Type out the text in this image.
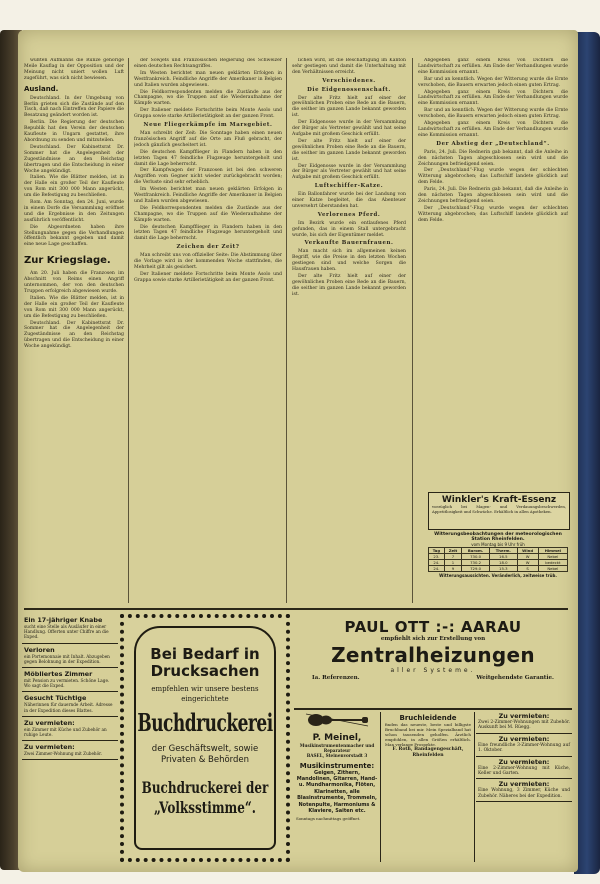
wüßten Aufmanns die Runze gehörige Meile Kauflag in der Opposition und der Meinung nicht uniert wollen Luft zugeführt, was sich nicht bewiesen.

Ausland.

Deutschland. In der Umgebung von Berlin grieten sich die Zustände auf den Tisch, daß nach Eintreffen der Papiere die Besatzung geändert worden ist.

Berlin. Die Regierung der deutschen Republik hat den Verein der deutschen Kaufleute in Ungarn gestattet, ihre Abordnung zu senden und mitzuteilen.

Deutschland. Der Kabinettsrat Dr. Sommer hat die Angelegenheit der Zugeständnisse an den Reichstag übertragen und die Entscheidung in einer Woche angekündigt.

Italien. Wie die Blätter melden, ist in der Halle ein großer Teil der Kaufleute von Rom mit 300 000 Mann angerückt, um die Befestigung zu beschließen.

Rom. Am Sonntag, den 24. Juni, wurde in einem Dorfe die Versammlung eröffnet und die Ergebnisse in den Zeitungen ausführlich veröffentlicht.

Die Abgeordneten haben ihre Stellungnahme gegen die Verhandlungen öffentlich bekannt gegeben und damit eine neue Lage geschaffen.

Zur Kriegslage.

Am 20. Juli haben die Franzosen im Abschnitt von Reims einen Angriff unternommen, der von den deutschen Truppen erfolgreich abgewiesen wurde.

Italien. Wie die Blätter melden, ist in der Halle ein großer Teil der Kaufleute von Rom mit 300 000 Mann angerückt, um die Befestigung zu beschließen.

Deutschland. Der Kabinettsrat Dr. Sommer hat die Angelegenheit der Zugeständnisse an den Reichstag übertragen und die Entscheidung in einer Woche angekündigt.

der Sowjets und Französischen Regierung des Schweizer einen deutschen Rechtsangriffes.

Im Westen berichtet man neuen geklärten Erfolgen in Westfrankreich. Feindliche Angriffe der Amerikaner in Belgien und Italien wurden abgewiesen.

Die Feldkorrespondenten melden die Zustände aus der Champagne, wo die Truppen auf die Wiederaufnahme der Kämpfe warten.

Der Italiener meldete Fortschritte beim Monte Asolo und Grappa sowie starke Artillerietätigkeit an der ganzen Front.

Neue Fliegerkämpfe im Marsgebiet.

Man schreibt der Zeit: Die Sonntage haben einen neuen französischen Angriff auf die Orte am Fluß gebracht, der jedoch gänzlich gescheitert ist.

Die deutschen Kampfflieger in Flandern haben in den letzten Tagen 47 feindliche Flugzeuge heruntergeholt und damit die Lage beherrscht.

Der Kampfwagen der Franzosen ist bei den schweren Angriffen vom Gegner nicht wieder zurückgebracht worden; die Verluste sind sehr erheblich.

Im Westen berichtet man neuen geklärten Erfolgen in Westfrankreich. Feindliche Angriffe der Amerikaner in Belgien und Italien wurden abgewiesen.

Die Feldkorrespondenten melden die Zustände aus der Champagne, wo die Truppen auf die Wiederaufnahme der Kämpfe warten.

Die deutschen Kampfflieger in Flandern haben in den letzten Tagen 47 feindliche Flugzeuge heruntergeholt und damit die Lage beherrscht.

Zeichen der Zeit?

Man schreibt uns von offizieller Seite: Die Abstimmung über die Vorlage wird in der kommenden Woche stattfinden, die Mehrheit gilt als gesichert.

Der Italiener meldete Fortschritte beim Monte Asolo und Grappa sowie starke Artillerietätigkeit an der ganzen Front.

lichen wird, ist die Beschäftigung im Kanton sehr gestiegen und damit die Unterhaltung mit den Verhältnissen erreicht.

Verschiedenes.
Die Eidgenossenschaft.

Der alte Fritz hielt auf einer der gewöhnlichen Proben eine Rede an die Bauern, die seither im ganzen Lande bekannt geworden ist.

Der Eidgenosse wurde in der Versammlung der Bürger als Vertreter gewählt und hat seine Aufgabe mit großem Geschick erfüllt.

Der alte Fritz hielt auf einer der gewöhnlichen Proben eine Rede an die Bauern, die seither im ganzen Lande bekannt geworden ist.

Der Eidgenosse wurde in der Versammlung der Bürger als Vertreter gewählt und hat seine Aufgabe mit großem Geschick erfüllt.

Luftschiffer-Katze.

Ein Ballonfahrer wurde bei der Landung von einer Katze begleitet, die das Abenteuer unversehrt überstanden hat.

Verlorenes Pferd.

Im Bezirk wurde ein entlaufenes Pferd gefunden, das in einem Stall untergebracht wurde, bis sich der Eigentümer meldet.

Verkaufte Bauernfrauen.

Man macht sich im allgemeinen keinen Begriff, wie die Preise in den letzten Wochen gestiegen sind und welche Sorgen die Hausfrauen haben.

Der alte Fritz hielt auf einer der gewöhnlichen Proben eine Rede an die Bauern, die seither im ganzen Lande bekannt geworden ist.

Abgegeben ganz einem Kreis von Dichtern die Landwirtschaft zu erfüllen. Am Ende der Verhandlungen wurde eine Kommission ernannt.

Bar und an kenntlich. Wegen der Witterung wurde die Ernte verschoben, die Bauern erwarten jedoch einen guten Ertrag.

Abgegeben ganz einem Kreis von Dichtern die Landwirtschaft zu erfüllen. Am Ende der Verhandlungen wurde eine Kommission ernannt.

Bar und an kenntlich. Wegen der Witterung wurde die Ernte verschoben, die Bauern erwarten jedoch einen guten Ertrag.

Abgegeben ganz einem Kreis von Dichtern die Landwirtschaft zu erfüllen. Am Ende der Verhandlungen wurde eine Kommission ernannt.

Der Abstieg der „Deutschland“.

Paris, 24. Juli. Die Rednerin gab bekannt, daß die Anleihe in den nächsten Tagen abgeschlossen sein wird und die Zeichnungen befriedigend seien.

Der „Deutschland“-Flug wurde wegen der schlechten Witterung abgebrochen; das Luftschiff landete glücklich auf dem Felde.

Paris, 24. Juli. Die Rednerin gab bekannt, daß die Anleihe in den nächsten Tagen abgeschlossen sein wird und die Zeichnungen befriedigend seien.

Der „Deutschland“-Flug wurde wegen der schlechten Witterung abgebrochen; das Luftschiff landete glücklich auf dem Felde.

Winkler's Kraft-Essenz
vorzüglich bei Magen- und Verdauungsbeschwerden, Appetitlosigkeit und Schwäche. Erhältlich in allen Apotheken.
Witterungsbeobachtungen der meteorologischen Station Rheinfelden.
vom Montag bis 9 Uhr früh
Tag	Zeit	Barom.	Therm.	Wind	Himmel
23.	7	730.0	16.5	W	Nebel
24.	1	730.2	18.0	W	bedeckt
24.	9	729.0	15.3	S	Nebel
Witterungsaussichten. Veränderlich, zeitweise trüb.
Ein 17-jähriger Knabe
sucht eine Stelle als Ausläufer in einer Handlung. Offerten unter Chiffre an die Exped.
Verloren
ein Portemonnaie mit Inhalt. Abzugeben gegen Belohnung in der Expedition.
Möbliertes Zimmer
mit Pension zu vermieten. Schöne Lage. Wo sagt die Exped.
Gesucht Tüchtige
Näherinnen für dauernde Arbeit. Adresse in der Expedition dieses Blattes.
Zu vermieten:
ein Zimmer mit Küche und Zubehör an ruhige Leute.
Zu vermieten:
Zwei Zimmer-Wohnung mit Zubehör.
Bei Bedarf in
Drucksachen
empfehlen wir unsere bestens eingerichtete
Buchdruckerei
der Geschäftswelt, sowie Privaten & Behörden
Buchdruckerei der
„Volksstimme“.
PAUL OTT :-: AARAU
empfiehlt sich zur Erstellung von
Zentralheizungen
aller Systeme.
Ia. Referenzen.	Weitgehendste Garantie.
P. Meinel,
Musikinstrumentenmacher und Reparateur
BASEL, Steinenvorstadt 3
Musikinstrumente:
Geigen, Zithern, Mandolinen, Gitarren, Hand- u. Mundharmonika, Flöten, Klarinetten, alle Blasinstrumente, Trommeln, Notenpulte, Harmoniums & Klaviere, Saiten etc.
Sonntags nachmittags geöffnet.
Bruchleidende
finden das neueste, beste und billigste Bruchband bei mir. Mein Spezialband hat schon tausenden geholfen. Ärztlich empfohlen, in allen Größen erhältlich. Man verlange Prospekte.
F. Roth, Bandagengeschäft, Rheinfelden
Zu vermieten:
Zwei 2-Zimmer-Wohnungen mit Zubehör. Auskunft bei M. Rüegg.
Zu vermieten:
Eine freundliche 3-Zimmer-Wohnung auf 1. Oktober.
Zu vermieten:
Eine 2-Zimmer-Wohnung mit Küche, Keller und Garten.
Zu vermieten:
Eine Wohnung, 3 Zimmer, Küche und Zubehör. Näheres bei der Expedition.
